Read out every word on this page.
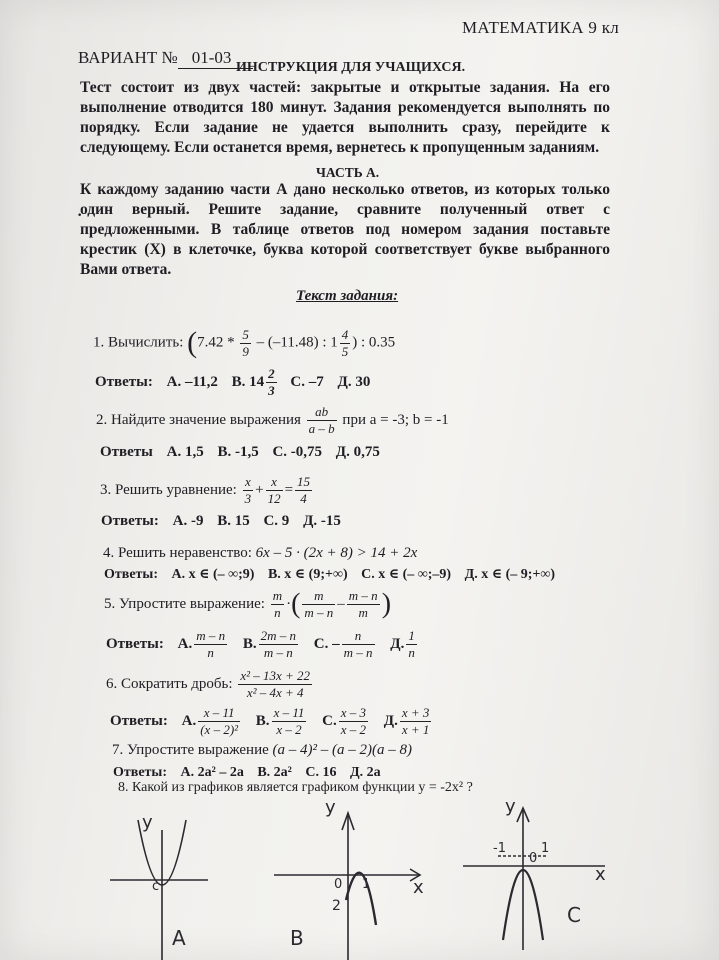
МАТЕМАТИКА 9 кл
ВАРИАНТ № 01-03
ИНСТРУКЦИЯ ДЛЯ УЧАЩИХСЯ.
Тест состоит из двух частей: закрытые и открытые задания. На его выполнение отводится 180 минут. Задания рекомендуется выполнять по порядку. Если задание не удается выполнить сразу, перейдите к следующему. Если останется время, вернетесь к пропущенным заданиям.
ЧАСТЬ А.
·
К каждому заданию части А дано несколько ответов, из которых только один верный. Решите задание, сравните полученный ответ с предложенными. В таблице ответов под номером задания поставьте крестик (Х) в клеточке, буква которой соответствует букве выбранного Вами ответа.
Текст задания:
1. Вычислить: ($7.42 * \frac{5}{9} - (-11.48)$ : $1 \frac{4}{5}$ ) : 0.35
Ответы: А. –11,2 В. $14 \frac{2}{3} С$. –7 Д. 30
2. Найдите значение выражения $\frac{ab}{a - b}$ при a = -3; b = -1
Ответы А. 1,5 В. -1,5 С. -0,75 Д. 0,75
3. Решить уравнение: $\frac{x}{3} + \frac{x}{12} = \frac{15}{4}$
Ответы: А. -9 В. 15 С. 9 Д. -15
4. Решить неравенство: 6x – 5 · (2x + 8) > 14 + 2x
Ответы: А. x ∈ (– ∞;9) В. x ∈ (9;+∞) С. x ∈ (– ∞;–9) Д. x ∈ (– 9;+∞)
5. Упростите выражение: $\frac{m}{n}$ ·( $\frac{m}{m - n} - \frac{m - n}{m}$ )
Ответы: А. $\frac{m - n}{n} В$. $\frac{2m - n}{m - n} С$. – $\frac{n}{m - n} Д$. $\frac{1}{n}$
6. Сократить дробь: $\frac{\text{x² – 13x + 22}}{\text{x² – 4x + 4}}$
Ответы: А. $\frac{x - 11}{\text{(x – 2)²}} В$. $\frac{x - 11}{x - 2} С$. $\frac{x - 3}{x - 2} Д$. $\frac{x + 3}{x + 1}$
7. Упростите выражение (a – 4)² – (a – 2)(a – 8)
Ответы: А. 2a² – 2a В. 2a² С. 16 Д. 2a
8. Какой из графиков является графиком функции y = -2x² ?
y
c
A
y
x
0 1
2
B
y
x
-1
0
1
C
